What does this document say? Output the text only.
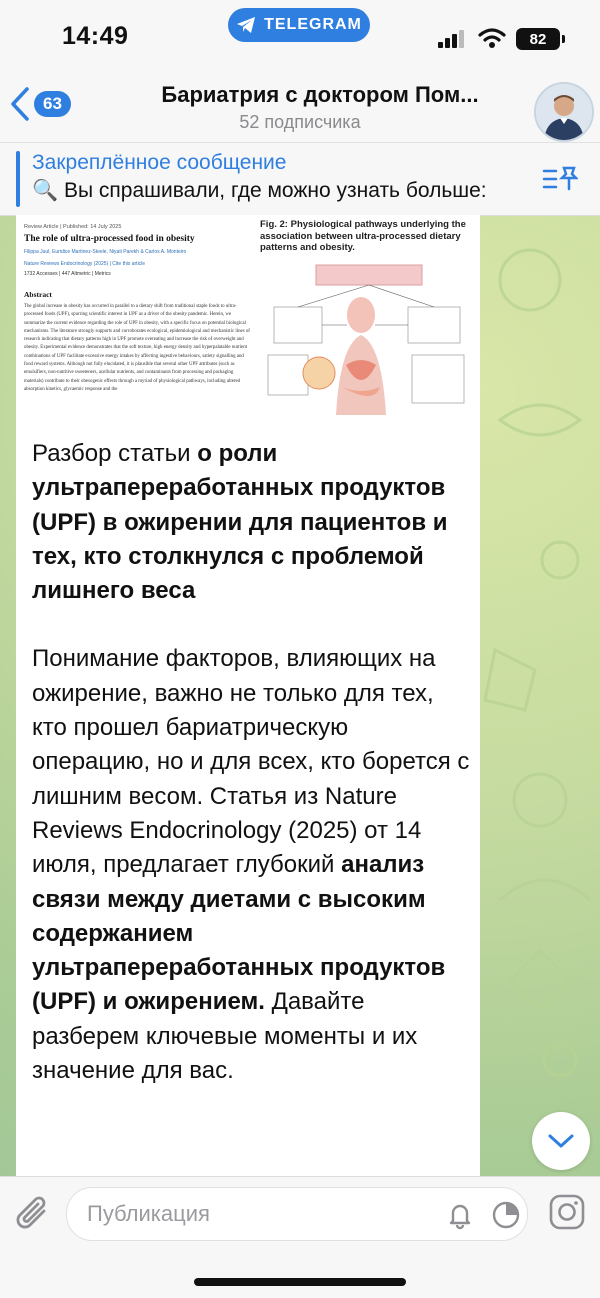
14:49	TELEGRAM
82
63	Бариатрия с доктором Пом...
52 подписчика
Закреплённое сообщение
🔍 Вы спрашивали, где можно узнать больше:
Review Article | Published: 14 July 2025
The role of ultra-processed food in obesity
Filippa Juul, Euridice Martinez-Steele, Niyati Parekh & Carlos A. Monteiro
Nature Reviews Endocrinology (2025) | Cite this article
1732 Accesses | 447 Altmetric | Metrics
Abstract
The global increase in obesity has occurred in parallel to a dietary shift from traditional staple foods to ultra-processed foods (UPF), spurring scientific interest in UPF as a driver of the obesity pandemic. Herein, we summarize the current evidence regarding the role of UPF in obesity, with a specific focus on potential biological mechanisms. The literature strongly supports and corroborates ecological, epidemiological and mechanistic lines of research indicating that dietary patterns high in UPF promote overeating and increase the risk of overweight and obesity. Experimental evidence demonstrates that the soft texture, high energy density and hyperpalatable nutrient combinations of UPF facilitate excessive energy intakes by affecting ingestive behaviours, satiety signalling and food reward systems. Although not fully elucidated, it is plausible that several other UPF attributes (such as emulsifiers, non-nutritive sweeteners, acellular nutrients, and contaminants from processing and packaging materials) contribute to their obesogenic effects through a myriad of physiological pathways, including altered absorption kinetics, glycaemic response and the
Fig. 2: Physiological pathways underlying the association between ultra-processed dietary patterns and obesity.

Разбор статьи о роли ультрапереработанных продуктов (UPF) в ожирении для пациентов и тех, кто столкнулся с проблемой лишнего веса

Понимание факторов, влияющих на ожирение, важно не только для тех, кто прошел бариатрическую операцию, но и для всех, кто борется с лишним весом. Статья из Nature Reviews Endocrinology (2025) от 14 июля, предлагает глубокий анализ связи между диетами с высоким содержанием ультрапереработанных продуктов (UPF) и ожирением. Давайте разберем ключевые моменты и их значение для вас.

Публикация
